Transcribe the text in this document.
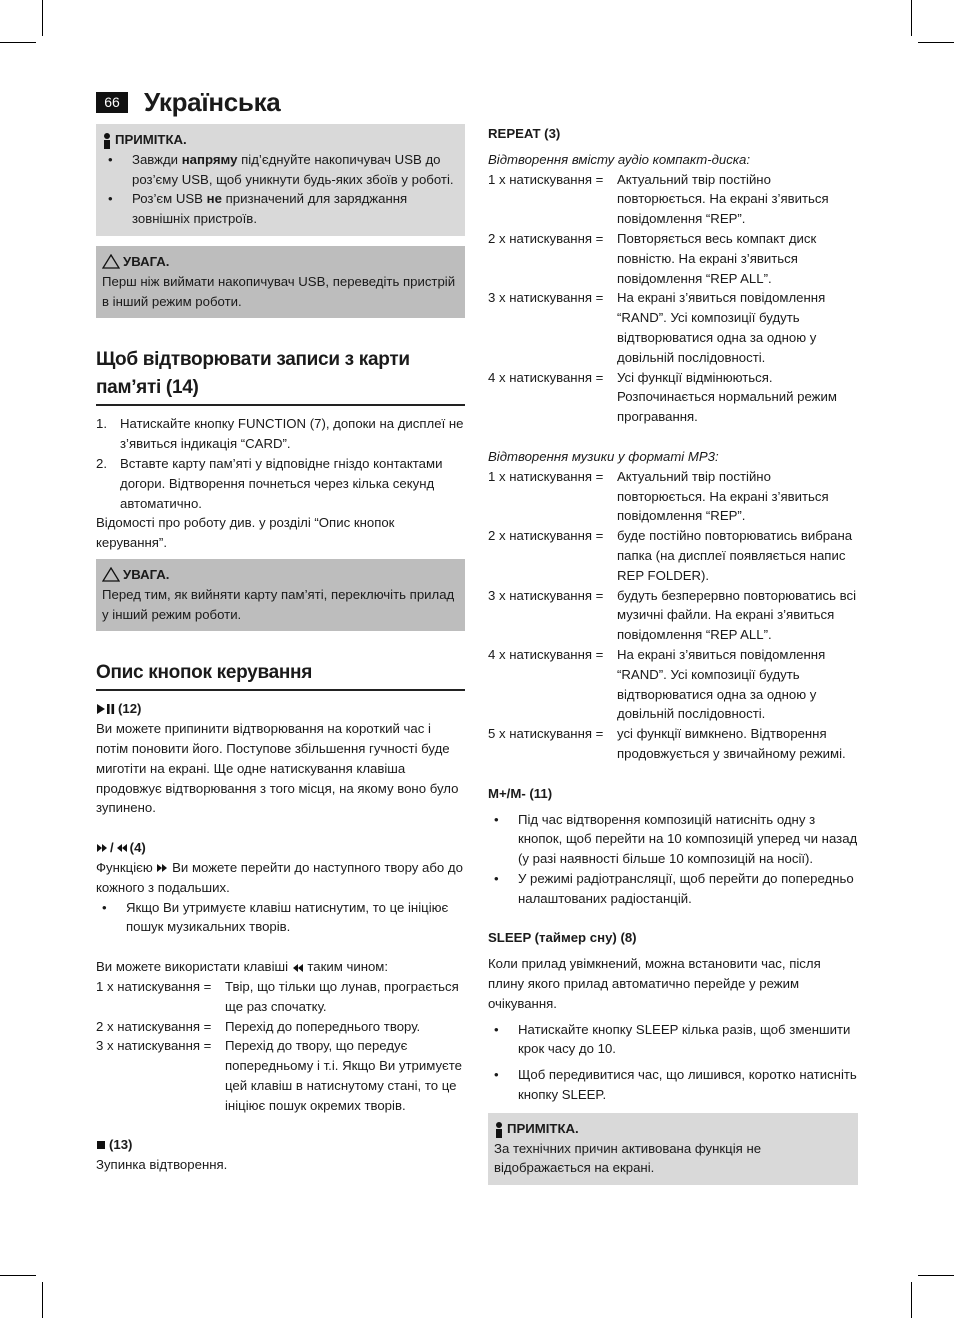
66 Українська
ПРИМІТКА.
• Завжди напряму під’єднуйте накопичувач USB до роз’єму USB, щоб уникнути будь-яких збоїв у роботі.
• Роз’єм USB не призначений для заряджання зовнішніх пристроїв.
УВАГА.
Перш ніж виймати накопичувач USB, переведіть пристрій в інший режим роботи.
Щоб відтворювати записи з карти пам’яті (14)
1. Натискайте кнопку FUNCTION (7), допоки на дисплеї не з’явиться індикація “CARD”.
2. Вставте карту пам’яті у відповідне гніздо контактами догори. Відтворення почнеться через кілька секунд автоматично.
Відомості про роботу див. у розділі “Опис кнопок керування”.
УВАГА.
Перед тим, як вийняти карту пам’яті, переключіть прилад у інший режим роботи.
Опис кнопок керування
(12)
Ви можете припинити відтворювання на короткий час і потім поновити його. Поступове збільшення гучності буде миготіти на екрані. Ще одне натискування клавіша продовжує відтворювання з того місця, на якому воно було зупинено.
/ (4)
Функцією Ви можете перейти до наступного твору або до кожного з подальших.
• Якщо Ви утримуєте клавіш натиснутим, то це ініціює пошук музикальних творів.
Ви можете використати клавіші таким чином:
1 х натискування =	Твір, що тільки що лунав, програється ще раз спочатку.
2 х натискування =	Перехід до попереднього твору.
3 х натискування =	Перехід до твору, що передує попередньому і т.і. Якщо Ви утримуєте цей клавіш в натиснутому стані, то це ініціює пошук окремих творів.
(13)
Зупинка відтворення.
REPEAT (3)
Відтворення вмісту аудіо компакт-диска:
1 х натискування =	Актуальний твір постійно повторюється. На екрані з’явиться повідомлення “REP”.
2 х натискування =	Повторяється весь компакт диск повністю. На екрані з’явиться повідомлення “REP ALL”.
3 х натискування =	На екрані з’явиться повідомлення “RAND”. Усі композиції будуть відтворюватися одна за одною у довільній послідовності.
4 х натискування =	Усі функції відмінюються. Розпочинається нормальний режим програвання.
Відтворення музики у форматі MP3:
1 х натискування =	Актуальний твір постійно повторюється. На екрані з’явиться повідомлення “REP”.
2 х натискування =	буде постійно повторюватись вибрана папка (на дисплеї появляється напис REP FOLDER).
3 х натискування =	будуть безперервно повторюватись всі музичні файли. На екрані з’явиться повідомлення “REP ALL”.
4 х натискування =	На екрані з’явиться повідомлення “RAND”. Усі композиції будуть відтворюватися одна за одною у довільній послідовності.
5 х натискування =	усі функції вимкнено. Відтворення продовжується у звичайному режимі.
M+/M- (11)
• Під час відтворення композицій натисніть одну з кнопок, щоб перейти на 10 композицій уперед чи назад (у разі наявності більше 10 композицій на носії).
• У режимі радіотрансляції, щоб перейти до попередньо налаштованих радіостанцій.
SLEEP (таймер сну) (8)
Коли прилад увімкнений, можна встановити час, після плину якого прилад автоматично перейде у режим очікування.
• Натискайте кнопку SLEEP кілька разів, щоб зменшити крок часу до 10.
• Щоб передивитися час, що лишився, коротко натисніть кнопку SLEEP.
ПРИМІТКА.
За технічних причин активована функція не відображається на екрані.
